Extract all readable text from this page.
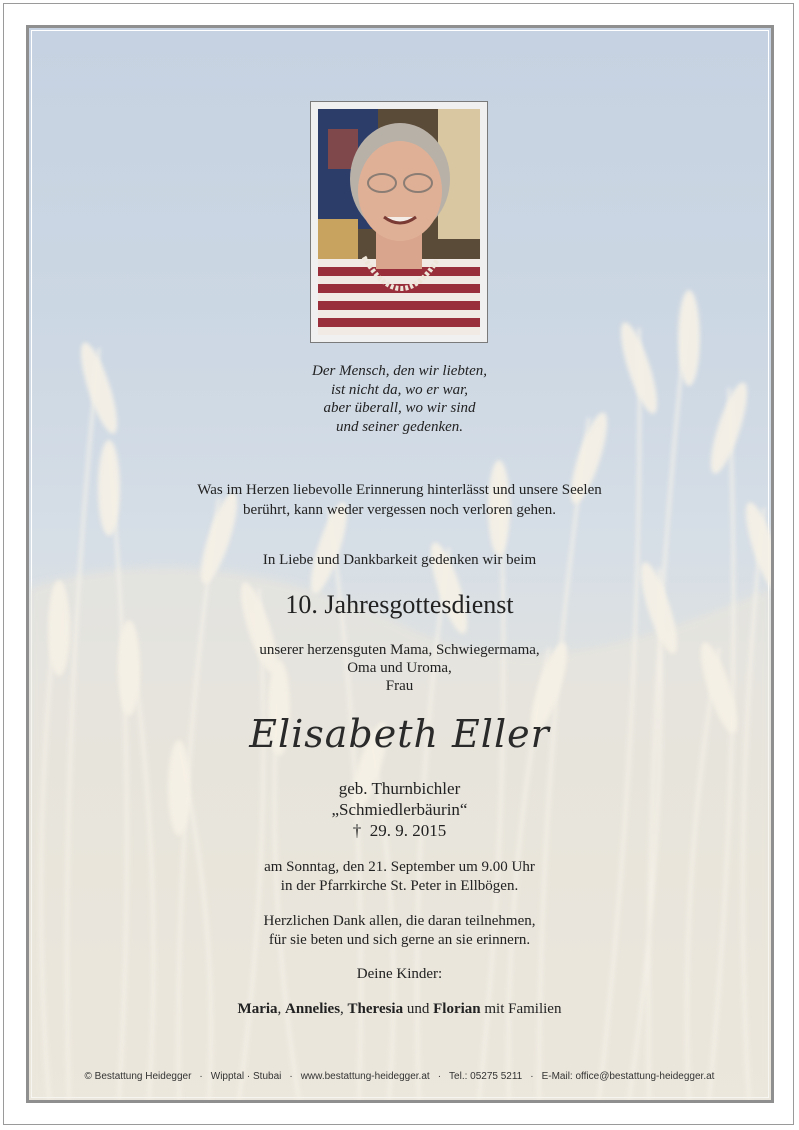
Der Mensch, den wir liebten,
ist nicht da, wo er war,
aber überall, wo wir sind
und seiner gedenken.
Was im Herzen liebevolle Erinnerung hinterlässt und unsere Seelen
berührt, kann weder vergessen noch verloren gehen.
In Liebe und Dankbarkeit gedenken wir beim
10. Jahresgottesdienst
unserer herzensguten Mama, Schwiegermama,
Oma und Uroma,
Frau
Elisabeth Eller
geb. Thurnbichler
„Schmiedlerbäurin“
† 29. 9. 2015
am Sonntag, den 21. September um 9.00 Uhr
in der Pfarrkirche St. Peter in Ellbögen.
Herzlichen Dank allen, die daran teilnehmen,
für sie beten und sich gerne an sie erinnern.
Deine Kinder:
Maria, Annelies, Theresia und Florian mit Familien
© Bestattung Heidegger · Wipptal · Stubai · www.bestattung-heidegger.at · Tel.: 05275 5211 · E-Mail: office@bestattung-heidegger.at
